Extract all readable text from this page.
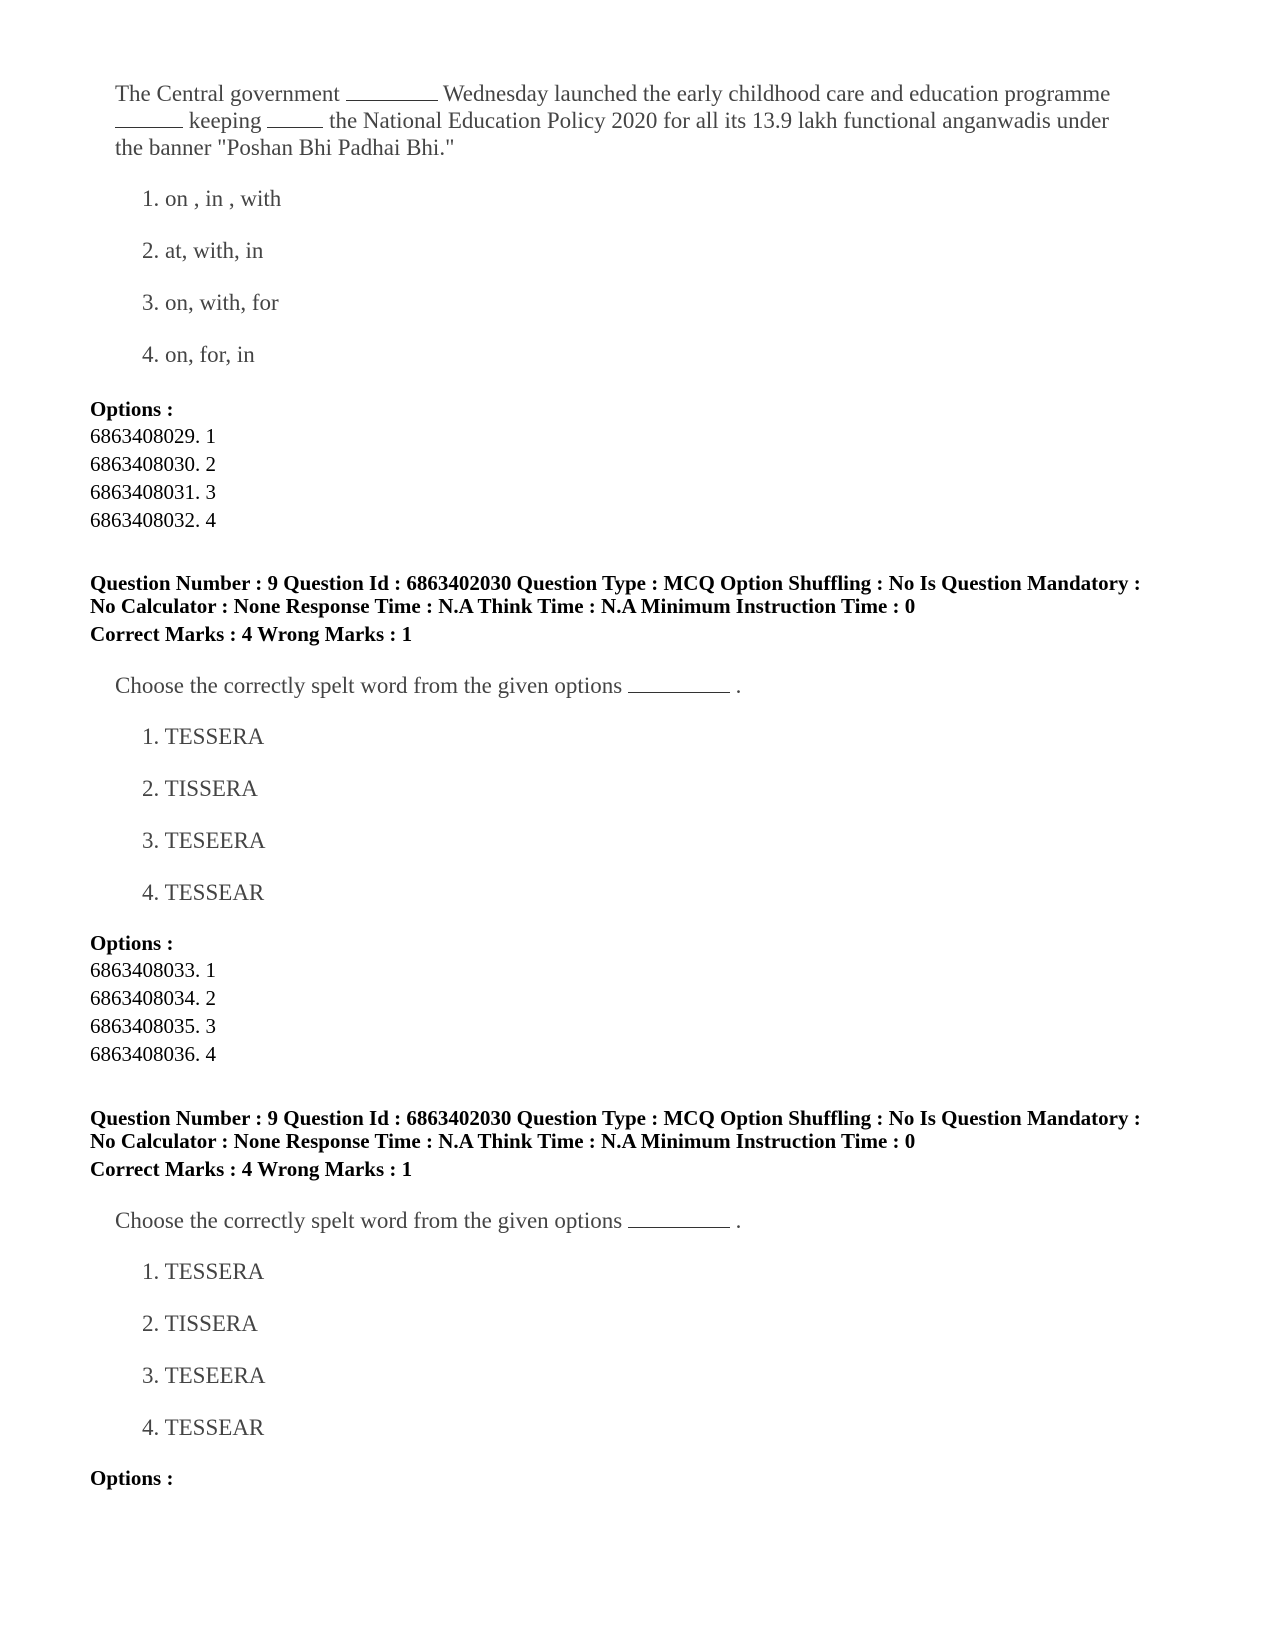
The Central government	Wednesday launched the early childhood care and education programme
keeping	the National Education Policy 2020 for all its 13.9 lakh functional anganwadis under
the banner "Poshan Bhi Padhai Bhi."
1. on , in , with
2. at, with, in
3. on, with, for
4. on, for, in
Options :
6863408029. 1
6863408030. 2
6863408031. 3
6863408032. 4
Question Number : 9 Question Id : 6863402030 Question Type : MCQ Option Shuffling : No Is Question Mandatory :
No Calculator : None Response Time : N.A Think Time : N.A Minimum Instruction Time : 0
Correct Marks : 4 Wrong Marks : 1
Choose the correctly spelt word from the given options	.
1. TESSERA
2. TISSERA
3. TESEERA
4. TESSEAR
Options :
6863408033. 1
6863408034. 2
6863408035. 3
6863408036. 4
Question Number : 9 Question Id : 6863402030 Question Type : MCQ Option Shuffling : No Is Question Mandatory :
No Calculator : None Response Time : N.A Think Time : N.A Minimum Instruction Time : 0
Correct Marks : 4 Wrong Marks : 1
Choose the correctly spelt word from the given options	.
1. TESSERA
2. TISSERA
3. TESEERA
4. TESSEAR
Options :
